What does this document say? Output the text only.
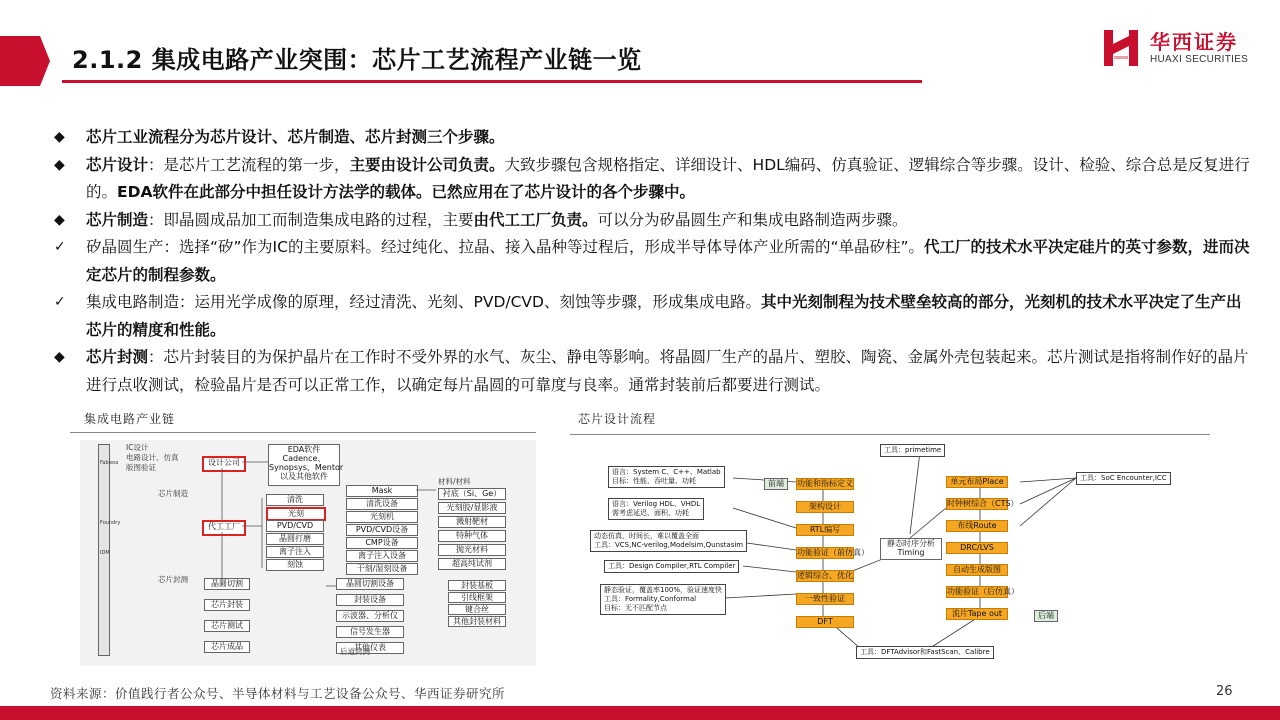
2.1.2 集成电路产业突围：芯片工艺流程产业链一览
华西证券
HUAXI SECURITIES
◆ 芯片工业流程分为芯片设计、芯片制造、芯片封测三个步骤。
◆ 芯片设计：是芯片工艺流程的第一步，主要由设计公司负责。大致步骤包含规格指定、详细设计、HDL编码、仿真验证、逻辑综合等步骤。设计、检验、综合总是反复进行的。EDA软件在此部分中担任设计方法学的载体。已然应用在了芯片设计的各个步骤中。
◆ 芯片制造：即晶圆成品加工而制造集成电路的过程，主要由代工工厂负责。可以分为矽晶圆生产和集成电路制造两步骤。
✓ 矽晶圆生产：选择“矽”作为IC的主要原料。经过纯化、拉晶、接入晶种等过程后，形成半导体导体产业所需的“单晶矽柱”。代工厂的技术水平决定硅片的英寸参数，进而决定芯片的制程参数。
✓ 集成电路制造：运用光学成像的原理，经过清洗、光刻、PVD/CVD、刻蚀等步骤，形成集成电路。其中光刻制程为技术壁垒较高的部分，光刻机的技术水平决定了生产出芯片的精度和性能。
◆ 芯片封测：芯片封装目的为保护晶片在工作时不受外界的水气、灰尘、静电等影响。将晶圆厂生产的晶片、塑胶、陶瓷、金属外壳包装起来。芯片测试是指将制作好的晶片进行点收测试，检验晶片是否可以正常工作，以确定每片晶圆的可靠度与良率。通常封装前后都要进行测试。
集成电路产业链
Fabless
Foundry
IDM
IC设计
电路设计、仿真
版图验证
设计公司
EDA软件
Cadence、
Synopsys、Mentor
以及其他软件
芯片制造
代工工厂
Mask
清洗
光刻
PVD/CVD
晶圆打磨
离子注入
刻蚀
清洗设备
光刻机
PVD/CVD设备
CMP设备
离子注入设备
干刻/湿刻设备
材料/材料
衬底（Si、Ge）
光刻胶/显影液
溅射靶材
特种气体
抛光材料
超高纯试剂
芯片封测	晶圆切割
芯片封装
芯片测试
芯片成品
晶圆切割设备
封装设备
示波器、分析仪
信号发生器
其他仪表
封装基板
引线框架
键合丝
其他封装材料
后道封测
芯片设计流程
功能和指标定义
架构设计
RTL编写
功能验证（前仿真）
逻辑综合、优化
一致性验证
DFT
单元布局Place
时钟树综合（CTS）
布线Route
DRC/LVS
自动生成版图
功能验证（后仿真）
流片Tape out
前端
后端
静态时序分析 Timing
语言：System C、C++、Matlab
目标：性能、吞吐量、功耗
语言：Verilog HDL、VHDL
需考虑延迟、面积、功耗
动态仿真，时间长，难以覆盖全面
工具：VCS,NC-verilog,Modelsim,Qunstasim
工具：Design Compiler,RTL Compiler
静态验证，覆盖率100%，验证速度快
工具：Formality,Conformal
目标：无不匹配节点
工具：primetime
工具：SoC Encounter,ICC
工具：DFTAdvisor和FastScan、Calibre
资料来源：价值践行者公众号、半导体材料与工艺设备公众号、华西证券研究所	26
